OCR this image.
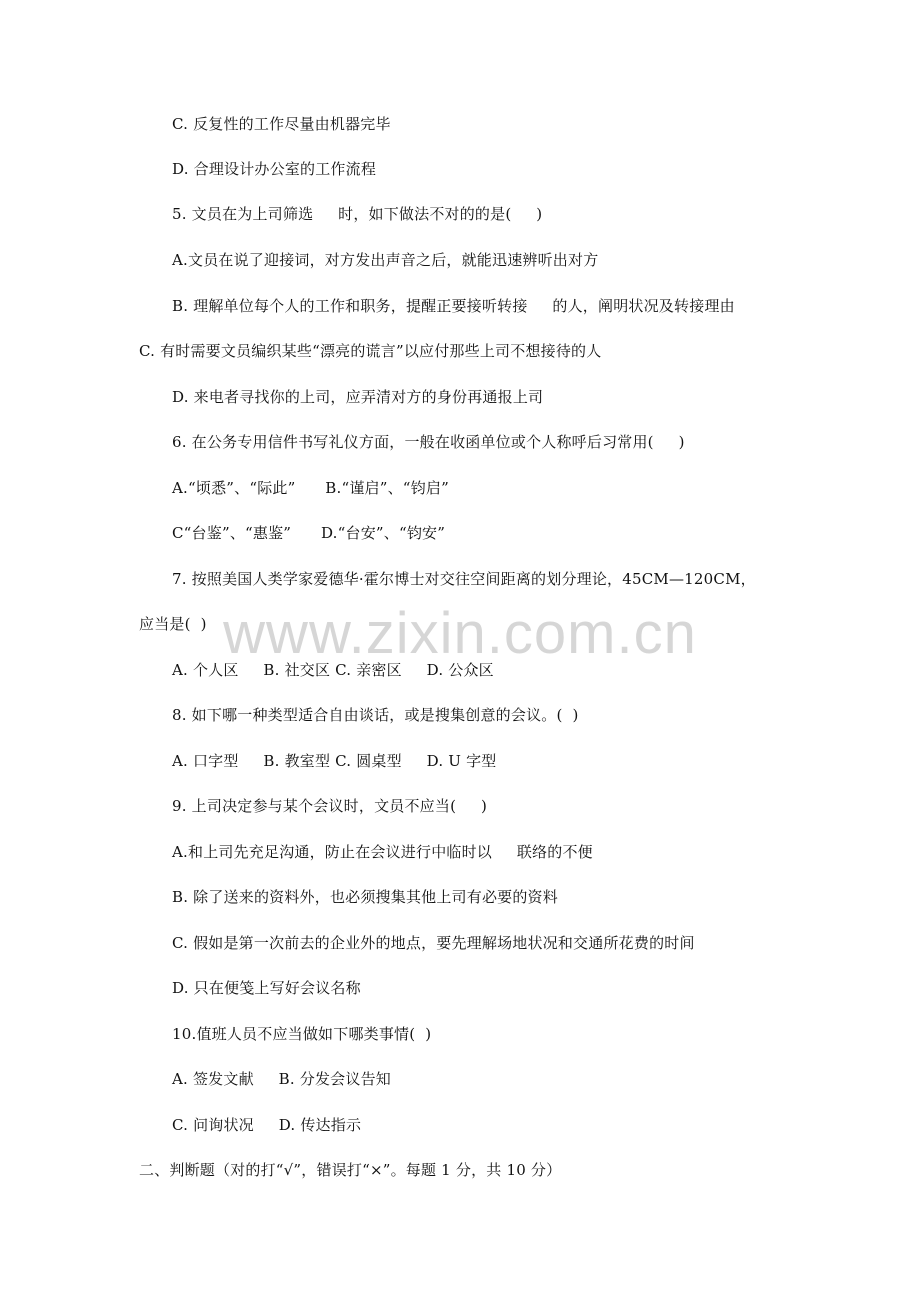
C. 反复性的工作尽量由机器完毕
D. 合理设计办公室的工作流程
5. 文员在为上司筛选     时，如下做法不对的的是(     )
A.文员在说了迎接词，对方发出声音之后，就能迅速辨听出对方
B. 理解单位每个人的工作和职务，提醒正要接听转接     的人，阐明状况及转接理由
C. 有时需要文员编织某些“漂亮的谎言”以应付那些上司不想接待的人
D. 来电者寻找你的上司，应弄清对方的身份再通报上司
6. 在公务专用信件书写礼仪方面，一般在收函单位或个人称呼后习常用(     )
A.“顷悉”、“际此”      B.“谨启”、“钧启”
C“台鉴”、“惠鉴”      D.“台安”、“钧安”
7. 按照美国人类学家爱德华·霍尔博士对交往空间距离的划分理论，45CM—120CM，
应当是(  )
A. 个人区     B. 社交区 C. 亲密区     D. 公众区
8. 如下哪一种类型适合自由谈话，或是搜集创意的会议。(  )
A. 口字型     B. 教室型 C. 圆桌型     D. U 字型
9. 上司决定参与某个会议时，文员不应当(     )
A.和上司先充足沟通，防止在会议进行中临时以     联络的不便
B. 除了送来的资料外，也必须搜集其他上司有必要的资料
C. 假如是第一次前去的企业外的地点，要先理解场地状况和交通所花费的时间
D. 只在便笺上写好会议名称
10.值班人员不应当做如下哪类事情(  )
A. 签发文献     B. 分发会议告知
C. 问询状况     D. 传达指示
二、判断题（对的打“√”，错误打“×”。每题 1 分，共 10 分）
www.zixin.com.cn
